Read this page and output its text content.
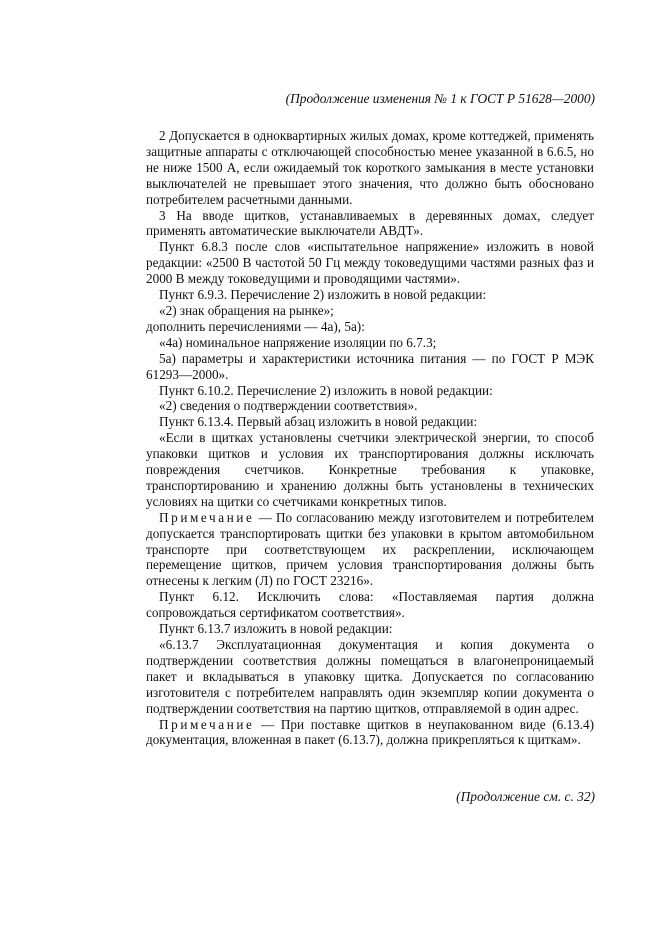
(Продолжение изменения № 1 к ГОСТ Р 51628—2000)

2 Допускается в одноквартирных жилых домах, кроме коттеджей, применять защитные аппараты с отключающей способностью менее указанной в 6.6.5, но не ниже 1500 А, если ожидаемый ток короткого замыкания в месте установки выключателей не превышает этого значения, что должно быть обосновано потребителем расчетными данными.

3 На вводе щитков, устанавливаемых в деревянных домах, следует применять автоматические выключатели АВДТ».

Пункт 6.8.3 после слов «испытательное напряжение» изложить в новой редакции: «2500 В частотой 50 Гц между токоведущими частями разных фаз и 2000 В между токоведущими и проводящими частями».

Пункт 6.9.3. Перечисление 2) изложить в новой редакции:

«2) знак обращения на рынке»;

дополнить перечислениями — 4а), 5а):

«4а) номинальное напряжение изоляции по 6.7.3;

5а) параметры и характеристики источника питания — по ГОСТ Р МЭК 61293—2000».

Пункт 6.10.2. Перечисление 2) изложить в новой редакции:

«2) сведения о подтверждении соответствия».

Пункт 6.13.4. Первый абзац изложить в новой редакции:

«Если в щитках установлены счетчики электрической энергии, то способ упаковки щитков и условия их транспортирования должны исключать повреждения счетчиков. Конкретные требования к упаковке, транспортированию и хранению должны быть установлены в технических условиях на щитки со счетчиками конкретных типов.

Примечание — По согласованию между изготовителем и потребителем допускается транспортировать щитки без упаковки в крытом автомобильном транспорте при соответствующем их раскреплении, исключающем перемещение щитков, причем условия транспортирования должны быть отнесены к легким (Л) по ГОСТ 23216».

Пункт 6.12. Исключить слова: «Поставляемая партия должна сопровождаться сертификатом соответствия».

Пункт 6.13.7 изложить в новой редакции:

«6.13.7 Эксплуатационная документация и копия документа о подтверждении соответствия должны помещаться в влагонепроницаемый пакет и вкладываться в упаковку щитка. Допускается по согласованию изготовителя с потребителем направлять один экземпляр копии документа о подтверждении соответствия на партию щитков, отправляемой в один адрес.

Примечание — При поставке щитков в неупакованном виде (6.13.4) документация, вложенная в пакет (6.13.7), должна прикрепляться к щиткам».

(Продолжение см. с. 32)
